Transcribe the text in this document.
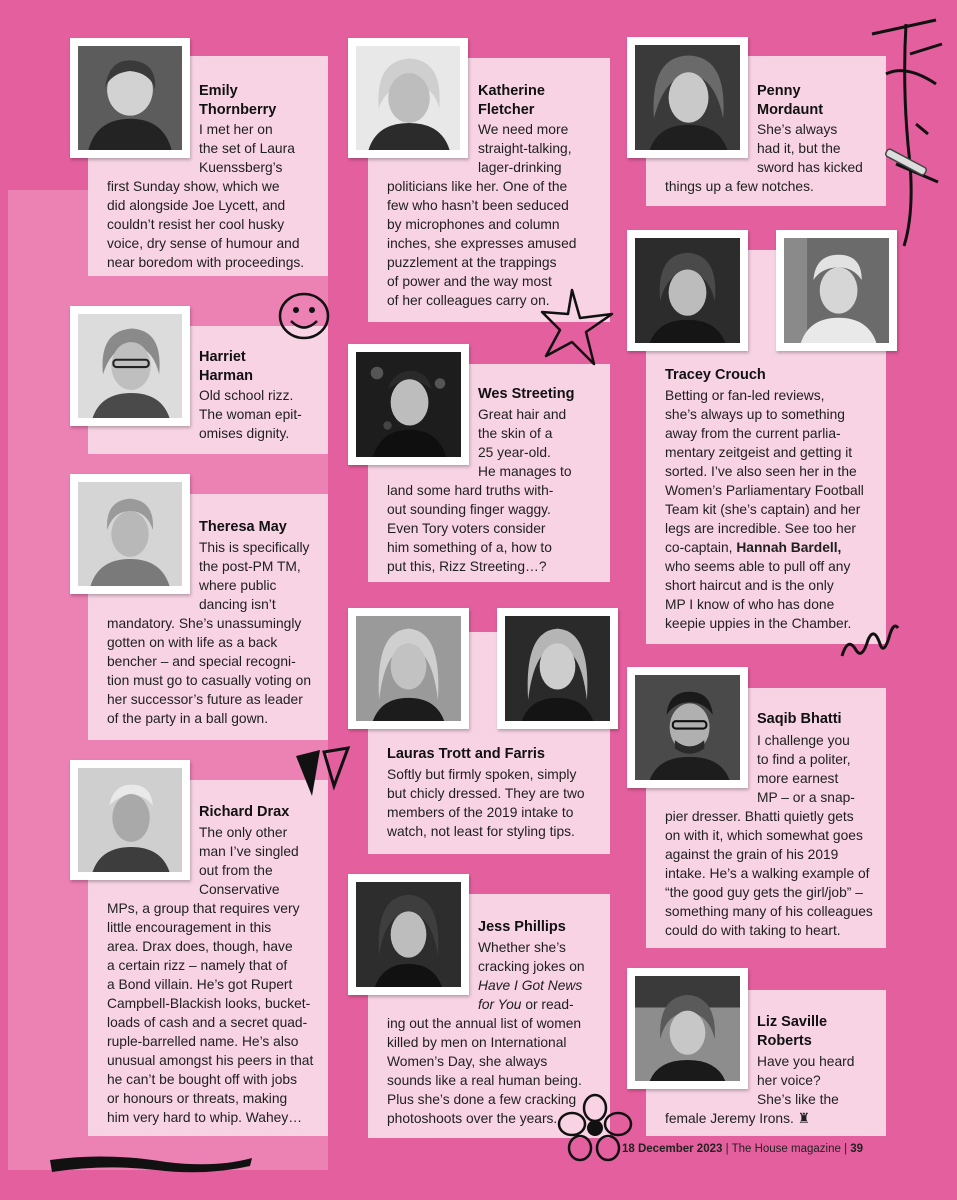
Emily
Thornberry

I met her on

the set of Laura

Kuenssberg’s

first Sunday show, which we

did alongside Joe Lycett, and

couldn’t resist her cool husky

voice, dry sense of humour and

near boredom with proceedings.

Katherine
Fletcher

We need more

straight-talking,

lager-drinking

politicians like her. One of the

few who hasn’t been seduced

by microphones and column

inches, she expresses amused

puzzlement at the trappings

of power and the way most

of her colleagues carry on.

Penny
Mordaunt

She’s always

had it, but the

sword has kicked

things up a few notches.

Harriet
Harman

Old school rizz.

The woman epit-

omises dignity.

Wes Streeting

Great hair and

the skin of a

25 year-old.

He manages to

land some hard truths with-

out sounding finger waggy.

Even Tory voters consider

him something of a, how to

put this, Rizz Streeting…?

Tracey Crouch

Betting or fan-led reviews,

she’s always up to something

away from the current parlia-

mentary zeitgeist and getting it

sorted. I’ve also seen her in the

Women’s Parliamentary Football

Team kit (she’s captain) and her

legs are incredible. See too her

co-captain, Hannah Bardell,

who seems able to pull off any

short haircut and is the only

MP I know of who has done

keepie uppies in the Chamber.

Theresa May

This is specifically

the post-PM TM,

where public

dancing isn’t

mandatory. She’s unassumingly

gotten on with life as a back

bencher – and special recogni-

tion must go to casually voting on

her successor’s future as leader

of the party in a ball gown.

Lauras Trott and Farris

Softly but firmly spoken, simply

but chicly dressed. They are two

members of the 2019 intake to

watch, not least for styling tips.

Saqib Bhatti

I challenge you

to find a politer,

more earnest

MP – or a snap-

pier dresser. Bhatti quietly gets

on with it, which somewhat goes

against the grain of his 2019

intake. He’s a walking example of

“the good guy gets the girl/job” –

something many of his colleagues

could do with taking to heart.

Richard Drax

The only other

man I’ve singled

out from the

Conservative

MPs, a group that requires very

little encouragement in this

area. Drax does, though, have

a certain rizz – namely that of

a Bond villain. He’s got Rupert

Campbell-Blackish looks, bucket-

loads of cash and a secret quad-

ruple-barrelled name. He’s also

unusual amongst his peers in that

he can’t be bought off with jobs

or honours or threats, making

him very hard to whip. Wahey…

Jess Phillips

Whether she’s

cracking jokes on

Have I Got News

for You or read-

ing out the annual list of women

killed by men on International

Women’s Day, she always

sounds like a real human being.

Plus she’s done a few cracking

photoshoots over the years.

Liz Saville
Roberts

Have you heard

her voice?

She’s like the

female Jeremy Irons. ♜

18 December 2023 | The House magazine | 39
